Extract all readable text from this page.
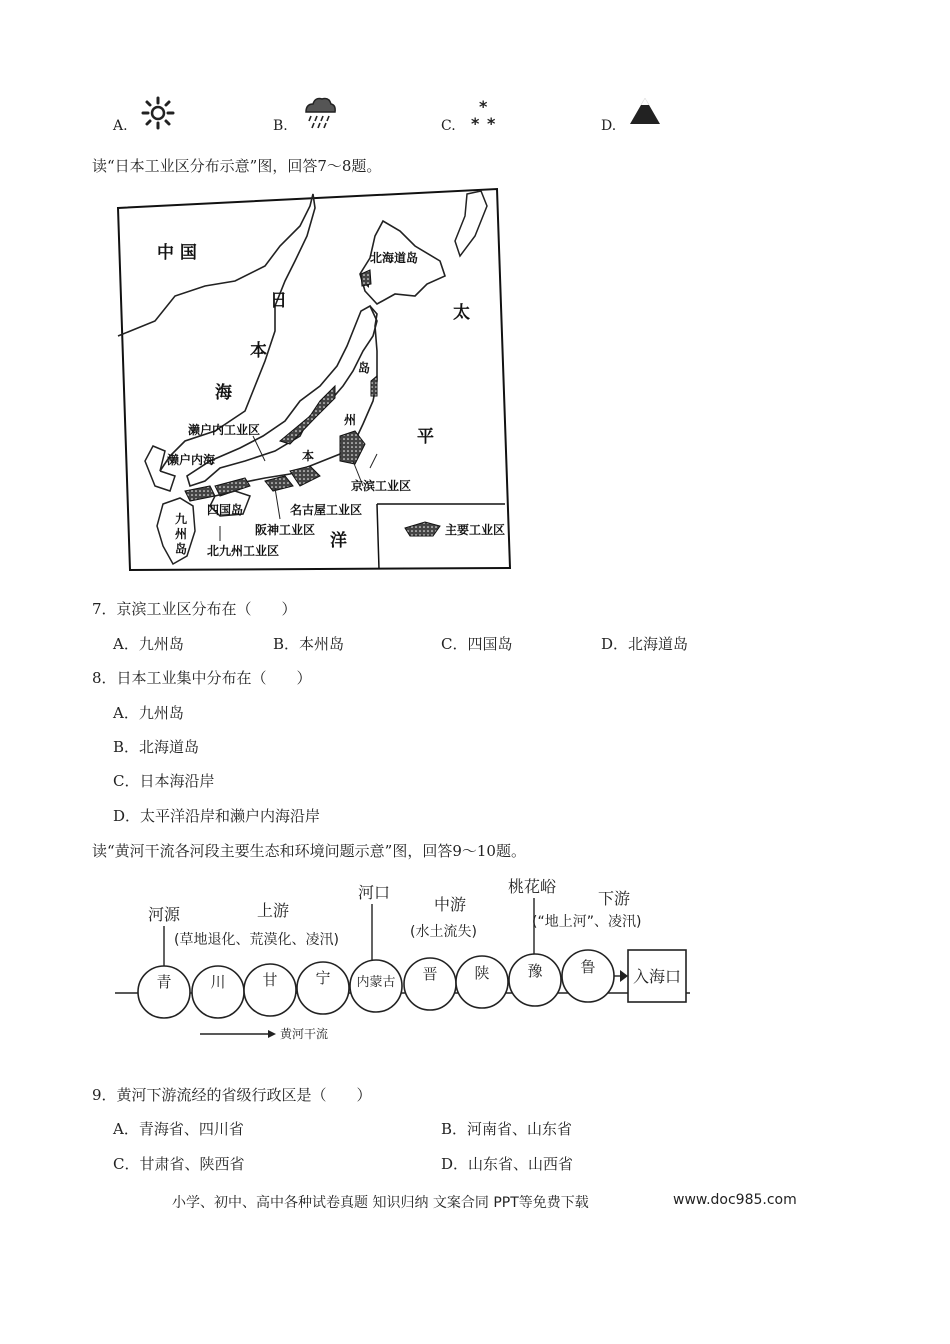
A.	B.	C.
*
* *	D.
读“日本工业区分布示意”图，回答7～8题。
中 国
日
本
海
太
平
洋
北海道岛
岛
州
本
濑户内工业区
濑户内海
四国岛
九
州
岛
阪神工业区
北九州工业区
名古屋工业区
京滨工业区
主要工业区
7．京滨工业区分布在（　　）
A．九州岛	B．本州岛	C．四国岛	D．北海道岛
8．日本工业集中分布在（　　）
A．九州岛
B．北海道岛
C．日本海沿岸
D．太平洋沿岸和濑户内海沿岸
读“黄河干流各河段主要生态和环境问题示意”图，回答9～10题。
河源	上游
(草地退化、荒漠化、凌汛)
河口
中游
(水土流失)
桃花峪
下游
(“地上河”、凌汛)
青	川 甘	宁 内蒙古 晋 陕	豫	鲁 入海口
黄河干流
9．黄河下游流经的省级行政区是（　　）
A．青海省、四川省	B．河南省、山东省
C．甘肃省、陕西省	D．山东省、山西省
小学、初中、高中各种试卷真题 知识归纳 文案合同 PPT等免费下载	www.doc985.com
